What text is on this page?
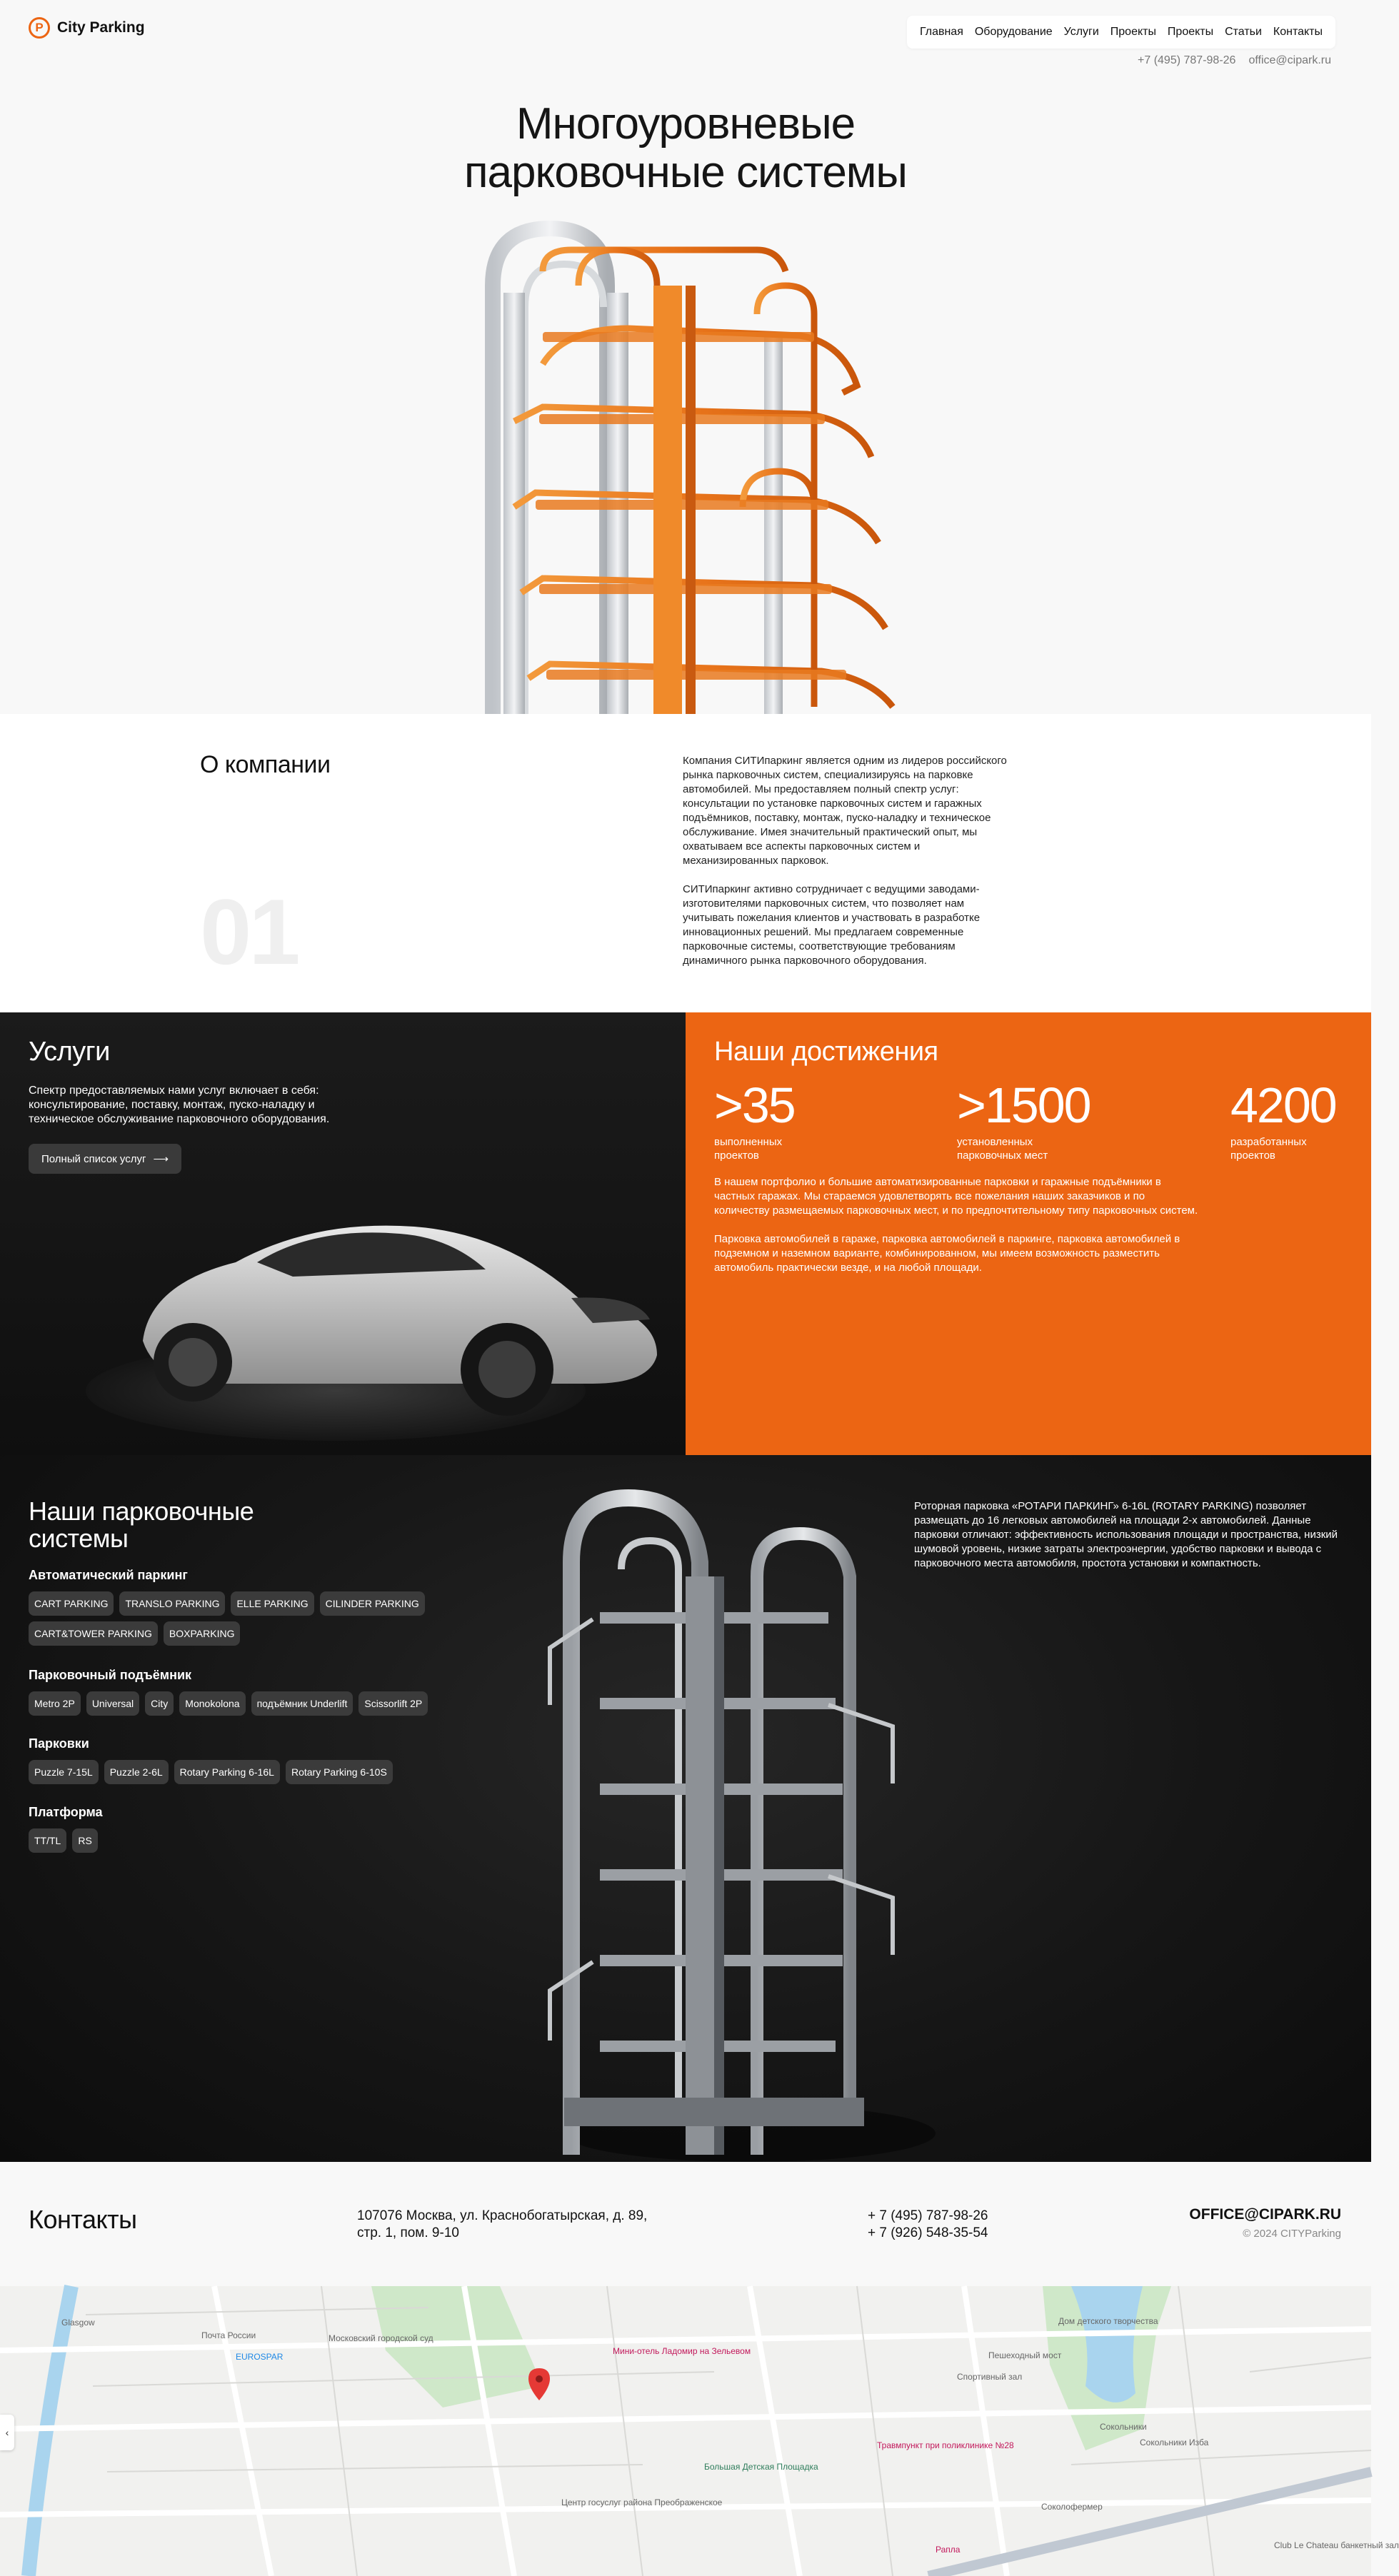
P City Parking	Главная Оборудование Услуги Проекты Проекты Статьи Контакты
+7 (495) 787-98-26 office@cipark.ru
Многоуровневые
парковочные системы
О компании
01

Компания СИТИпаркинг является одним из лидеров российского рынка парковочных систем, специализируясь на парковке автомобилей. Мы предоставляем полный спектр услуг: консультации по установке парковочных систем и гаражных подъёмников, поставку, монтаж, пуско-наладку и техническое обслуживание. Имея значительный практический опыт, мы охватываем все аспекты парковочных систем и механизированных парковок.

СИТИпаркинг активно сотрудничает с ведущими заводами-изготовителями парковочных систем, что позволяет нам учитывать пожелания клиентов и участвовать в разработке инновационных решений. Мы предлагаем современные парковочные системы, соответствующие требованиям динамичного рынка парковочного оборудования.

Услуги

Спектр предоставляемых нами услуг включает в себя: консультирование, поставку, монтаж, пуско-наладку и техническое обслуживание парковочного оборудования.

Полный список услуг ⟶
Наши достижения
>35
выполненных
проектов
>1500
установленных
парковочных мест
4200
разработанных
проектов

В нашем портфолио и большие автоматизированные парковки и гаражные подъёмники в частных гаражах. Мы стараемся удовлетворять все пожелания наших заказчиков и по количеству размещаемых парковочных мест, и по предпочтительному типу парковочных систем.

Парковка автомобилей в гараже, парковка автомобилей в паркинге, парковка автомобилей в подземном и наземном варианте, комбинированном, мы имеем возможность разместить автомобиль практически везде, и на любой площади.

Наши парковочные системы
Автоматический паркинг
CART PARKING	TRANSLO PARKING	ELLE PARKING	CILINDER PARKING
CART&TOWER PARKING	BOXPARKING
Парковочный подъёмник
Metro 2P	Universal	City	Monokolona	подъёмник Underlift	Scissorlift 2P
Парковки
Puzzle 7-15L	Puzzle 2-6L	Rotary Parking 6-16L	Rotary Parking 6-10S
Платформа
TT/TL	RS

Роторная парковка «РОТАРИ ПАРКИНГ» 6-16L (ROTARY PARKING) позволяет размещать до 16 легковых автомобилей на площади 2-х автомобилей. Данные парковки отличают: эффективность использования площади и пространства, низкий шумовой уровень, низкие затраты электроэнергии, удобство парковки и вывода с парковочного места автомобиля, простота установки и компактность.

Контакты	107076 Москва, ул. Краснобогатырская, д. 89,
стр. 1, пом. 9-10
+ 7 (495) 787-98-26
+ 7 (926) 548-35-54
OFFICE@CIPARK.RU
© 2024 CITYParking
Почта России	Московский городской суд
EUROSPAR
Мини-отель Ладомир на Зельевом
Травмпункт при поликлинике №28
Большая Детская Площадка
Центр госуслуг района Преображенское
Сокольники
Сокольники Изба
Соколофермер
Рапла	Club Le Chateau банкетный зал
Пешеходный мост
Спортивный зал
Дом детского творчества
Glasgow
‹
